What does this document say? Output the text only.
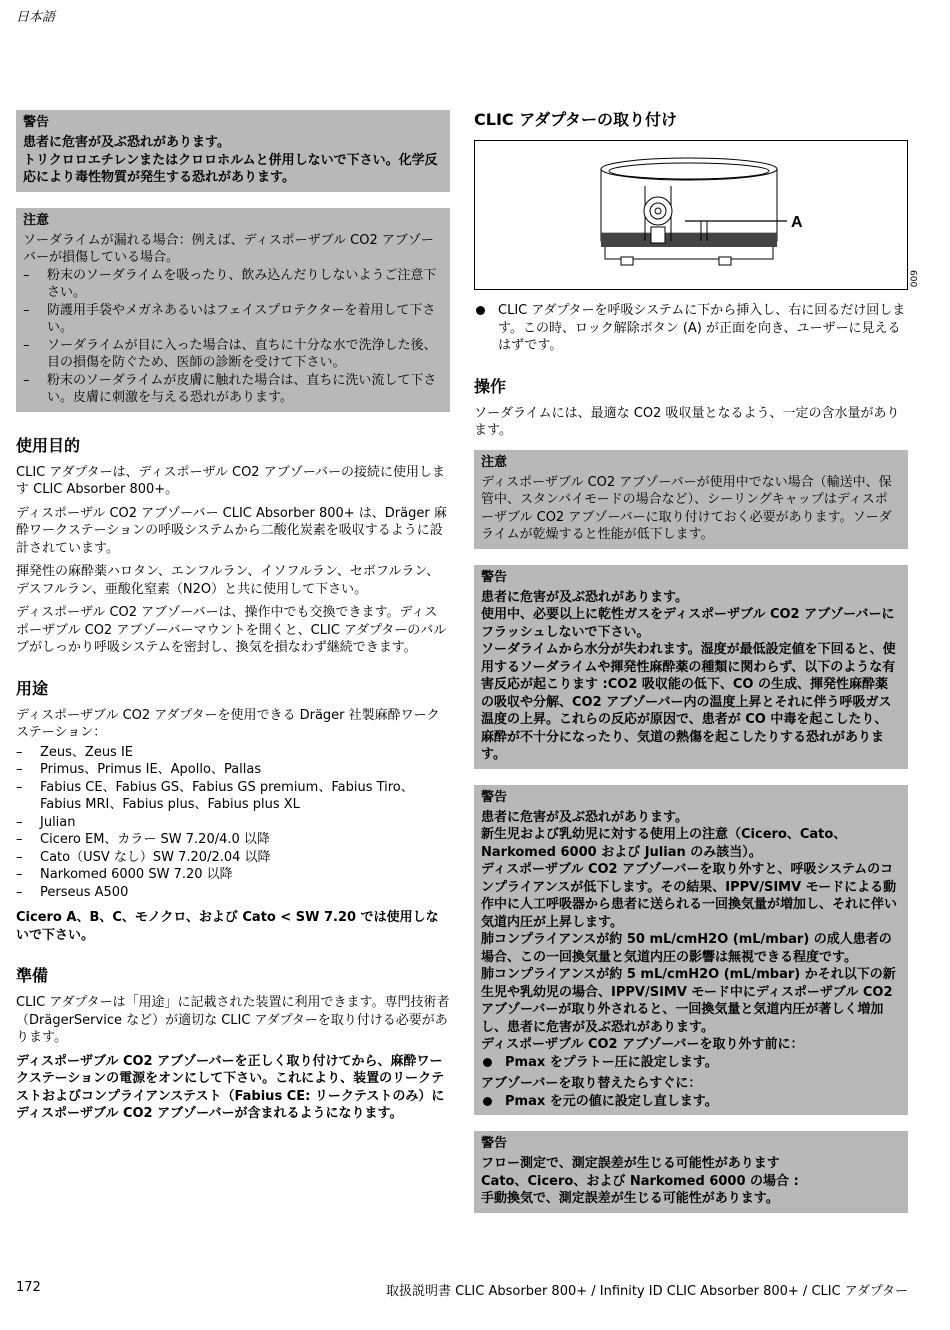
日本語
警告

患者に危害が及ぶ恐れがあります。

トリクロロエチレンまたはクロロホルムと併用しないで下さい。化学反応により毒性物質が発生する恐れがあります。

注意

ソーダライムが漏れる場合：例えば、ディスポーザブル CO2 アブゾーバーが損傷している場合。

– 粉末のソーダライムを吸ったり、飲み込んだりしないようご注意下さい。
– 防護用手袋やメガネあるいはフェイスプロテクターを着用して下さい。
– ソーダライムが目に入った場合は、直ちに十分な水で洗浄した後、目の損傷を防ぐため、医師の診断を受けて下さい。
– 粉末のソーダライムが皮膚に触れた場合は、直ちに洗い流して下さい。皮膚に刺激を与える恐れがあります。
使用目的

CLIC アダプターは、ディスポーザル CO2 アブゾーバーの接続に使用します CLIC Absorber 800+。

ディスポーザル CO2 アブゾーバー CLIC Absorber 800+ は、Dräger 麻酔ワークステーションの呼吸システムから二酸化炭素を吸収するように設計されています。

揮発性の麻酔薬ハロタン、エンフルラン、イソフルラン、セボフルラン、デスフルラン、亜酸化窒素（N2O）と共に使用して下さい。

ディスポーザル CO2 アブゾーバーは、操作中でも交換できます。ディスポーザブル CO2 アブゾーバーマウントを開くと、CLIC アダプターのバルブがしっかり呼吸システムを密封し、換気を損なわず継続できます。

用途

ディスポーザブル CO2 アダプターを使用できる Dräger 社製麻酔ワークステーション：

– Zeus、Zeus IE
– Primus、Primus IE、Apollo、Pallas
– Fabius CE、Fabius GS、Fabius GS premium、Fabius Tiro、Fabius MRI、Fabius plus、Fabius plus XL
– Julian
– Cicero EM、カラー SW 7.20/4.0 以降
– Cato（USV なし）SW 7.20/2.04 以降
– Narkomed 6000 SW 7.20 以降
– Perseus A500

Cicero A、B、C、モノクロ、および Cato < SW 7.20 では使用しないで下さい。

準備

CLIC アダプターは「用途」に記載された装置に利用できます。専門技術者（DrägerService など）が適切な CLIC アダプターを取り付ける必要があります。

ディスポーザブル CO2 アブゾーバーを正しく取り付けてから、麻酔ワークステーションの電源をオンにして下さい。これにより、装置のリークテストおよびコンプライアンステスト（Fabius CE: リークテストのみ）にディスポーザブル CO2 アブゾーバーが含まれるようになります。

CLIC アダプターの取り付け
A
009
CLIC アダプターを呼吸システムに下から挿入し、右に回るだけ回します。この時、ロック解除ボタン (A) が正面を向き、ユーザーに見えるはずです。
操作

ソーダライムには、最適な CO2 吸収量となるよう、一定の含水量があります。

注意

ディスポーザブル CO2 アブゾーバーが使用中でない場合（輸送中、保管中、スタンバイモードの場合など）、シーリングキャップはディスポーザブル CO2 アブゾーバーに取り付けておく必要があります。ソーダライムが乾燥すると性能が低下します。

警告

患者に危害が及ぶ恐れがあります。

使用中、必要以上に乾性ガスをディスポーザブル CO2 アブゾーバーにフラッシュしないで下さい。

ソーダライムから水分が失われます。湿度が最低設定値を下回ると、使用するソーダライムや揮発性麻酔薬の種類に関わらず、以下のような有害反応が起こります :CO2 吸収能の低下、CO の生成、揮発性麻酔薬の吸収や分解、CO2 アブゾーバー内の温度上昇とそれに伴う呼吸ガス温度の上昇。これらの反応が原因で、患者が CO 中毒を起こしたり、麻酔が不十分になったり、気道の熱傷を起こしたりする恐れがあります。

警告

患者に危害が及ぶ恐れがあります。

新生児および乳幼児に対する使用上の注意（Cicero、Cato、Narkomed 6000 および Julian のみ該当）。

ディスポーザブル CO2 アブゾーバーを取り外すと、呼吸システムのコンプライアンスが低下します。その結果、IPPV/SIMV モードによる動作中に人工呼吸器から患者に送られる一回換気量が増加し、それに伴い気道内圧が上昇します。

肺コンプライアンスが約 50 mL/cmH2O (mL/mbar) の成人患者の場合、この一回換気量と気道内圧の影響は無視できる程度です。

肺コンプライアンスが約 5 mL/cmH2O (mL/mbar) かそれ以下の新生児や乳幼児の場合、IPPV/SIMV モード中にディスポーザブル CO2 アブゾーバーが取り外されると、一回換気量と気道内圧が著しく増加し、患者に危害が及ぶ恐れがあります。

ディスポーザブル CO2 アブゾーバーを取り外す前に：

Pmax をプラトー圧に設定します。

アブゾーバーを取り替えたらすぐに：

Pmax を元の値に設定し直します。

警告

フロー測定で、測定誤差が生じる可能性があります

Cato、Cicero、および Narkomed 6000 の場合 :

手動換気で、測定誤差が生じる可能性があります。

172	取扱説明書 CLIC Absorber 800+ / Infinity ID CLIC Absorber 800+ / CLIC アダプター
